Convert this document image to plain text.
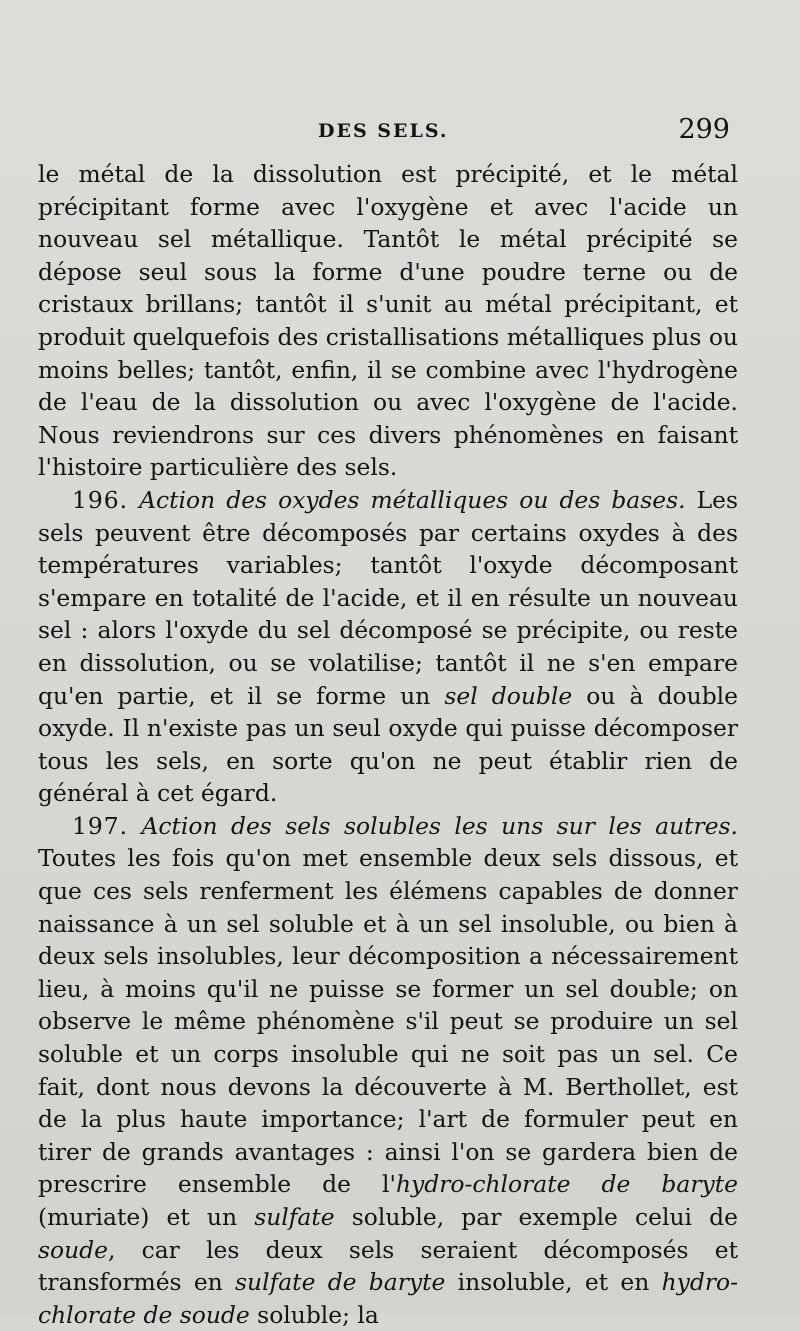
DES SELS.	299

le métal de la dissolution est précipité, et le métal précipitant forme avec l'oxygène et avec l'acide un nouveau sel métallique. Tantôt le métal précipité se dépose seul sous la forme d'une poudre terne ou de cristaux brillans; tantôt il s'unit au métal précipitant, et produit quelquefois des cristallisations métalliques plus ou moins belles; tantôt, enfin, il se combine avec l'hydrogène de l'eau de la dissolution ou avec l'oxygène de l'acide. Nous reviendrons sur ces divers phénomènes en faisant l'histoire particulière des sels.

196. Action des oxydes métalliques ou des bases. Les sels peuvent être décomposés par certains oxydes à des températures variables; tantôt l'oxyde décomposant s'empare en totalité de l'acide, et il en résulte un nouveau sel : alors l'oxyde du sel décomposé se précipite, ou reste en dissolution, ou se volatilise; tantôt il ne s'en empare qu'en partie, et il se forme un sel double ou à double oxyde. Il n'existe pas un seul oxyde qui puisse décomposer tous les sels, en sorte qu'on ne peut établir rien de général à cet égard.

197. Action des sels solubles les uns sur les autres. Toutes les fois qu'on met ensemble deux sels dissous, et que ces sels renferment les élémens capables de donner naissance à un sel soluble et à un sel insoluble, ou bien à deux sels insolubles, leur décomposition a nécessairement lieu, à moins qu'il ne puisse se former un sel double; on observe le même phénomène s'il peut se produire un sel soluble et un corps insoluble qui ne soit pas un sel. Ce fait, dont nous devons la découverte à M. Berthollet, est de la plus haute importance; l'art de formuler peut en tirer de grands avantages : ainsi l'on se gardera bien de prescrire ensemble de l'hydro-chlorate de baryte (muriate) et un sulfate soluble, par exemple celui de soude, car les deux sels seraient décomposés et transformés en sulfate de baryte insoluble, et en hydro-chlorate de soude soluble; la
